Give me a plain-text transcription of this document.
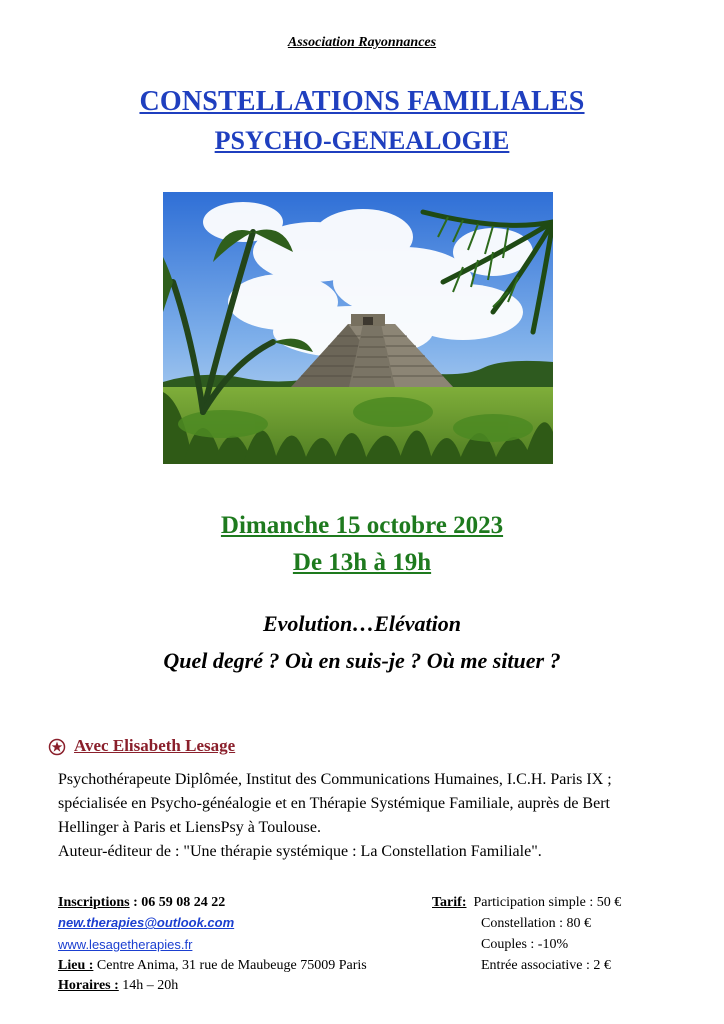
Association Rayonnances
CONSTELLATIONS FAMILIALES
PSYCHO-GENEALOGIE
Dimanche 15 octobre 2023
De 13h à 19h
Evolution…Elévation
Quel degré ? Où en suis-je ? Où me situer ?
Avec Elisabeth Lesage
Psychothérapeute Diplômée, Institut des Communications Humaines, I.C.H. Paris IX ;
spécialisée en Psycho-généalogie et en Thérapie Systémique Familiale, auprès de Bert
Hellinger à Paris et LiensPsy à Toulouse.
Auteur-éditeur de : "Une thérapie systémique : La Constellation Familiale".
Inscriptions : 06 59 08 24 22
new.therapies@outlook.com
www.lesagetherapies.fr
Lieu : Centre Anima, 31 rue de Maubeuge 75009 Paris
Horaires : 14h – 20h
Tarif: Participation simple : 50 €
Constellation : 80 €
Couples : -10%
Entrée associative : 2 €
